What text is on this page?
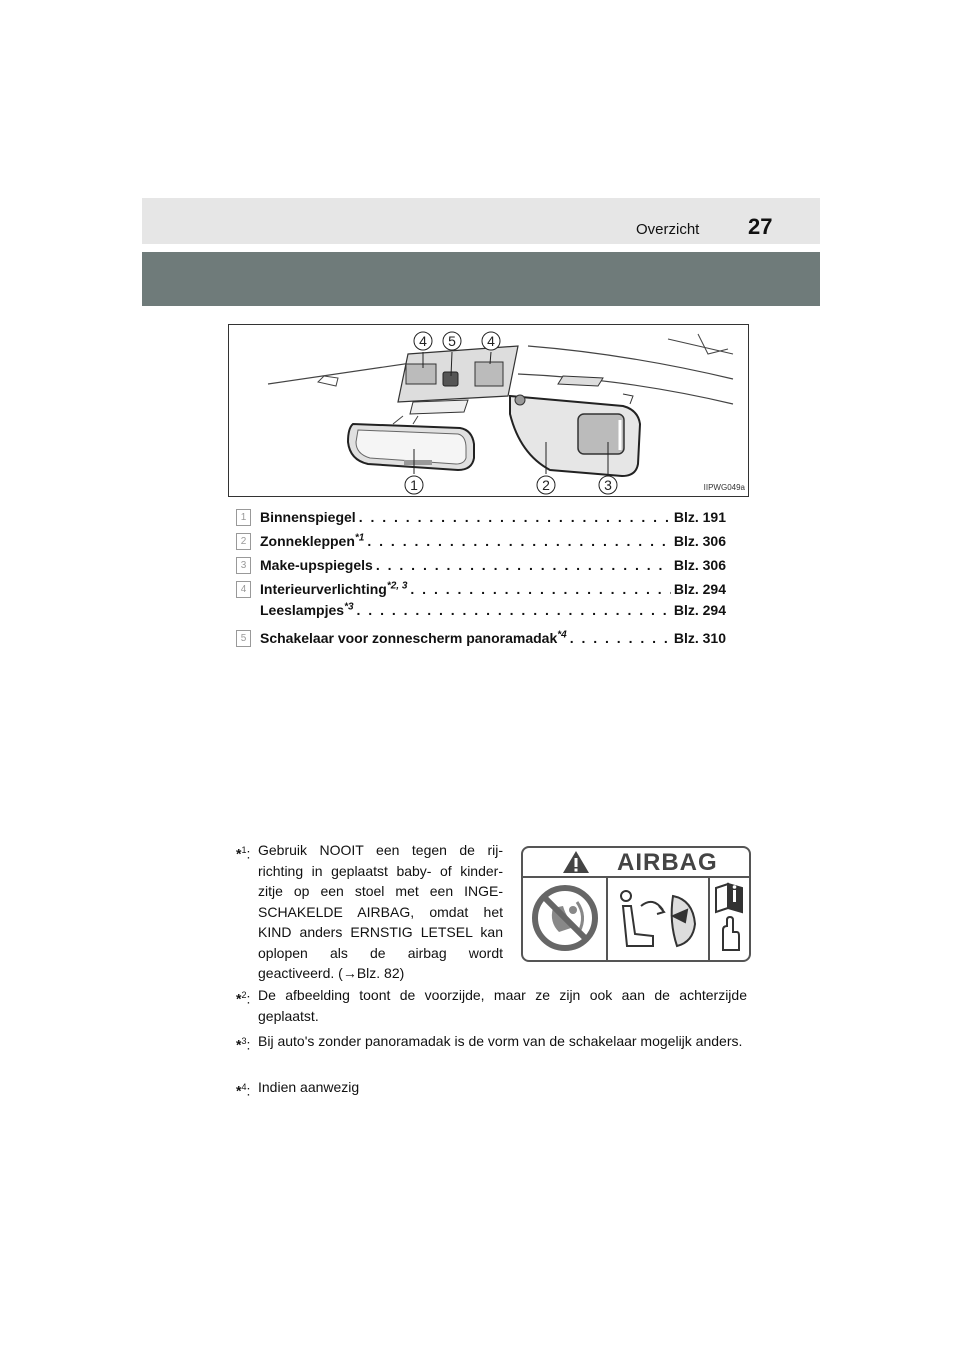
Overzicht 27
4 5 4
1	2	3	IIPWG049a
1 Binnenspiegel . . .	Blz. 191
2 Zonnekleppen$^{*1}$ . . .	Blz. 306
3 Make-upspiegels . . .	Blz. 306
4 Interieurverlichting$^{*2, 3}$ . . .	Blz. 294
Leeslampjes$^{*3}$ . . .	Blz. 294
5 Schakelaar voor zonnescherm panoramadak$^{*4}$ . . .	Blz. 310
*$^1$: Gebruik NOOIT een tegen de rij-richting in geplaatst baby- of kinder-zitje op een stoel met een INGE-SCHAKELDE AIRBAG, omdat het KIND anders ERNSTIG LETSEL kan oplopen als de airbag wordt geactiveerd. (→Blz. 82)
AIRBAG
*$^2$: De afbeelding toont de voorzijde, maar ze zijn ook aan de achterzijde geplaatst.
*$^3$: Bij auto's zonder panoramadak is de vorm van de schakelaar mogelijk anders.
*$^4$: Indien aanwezig
